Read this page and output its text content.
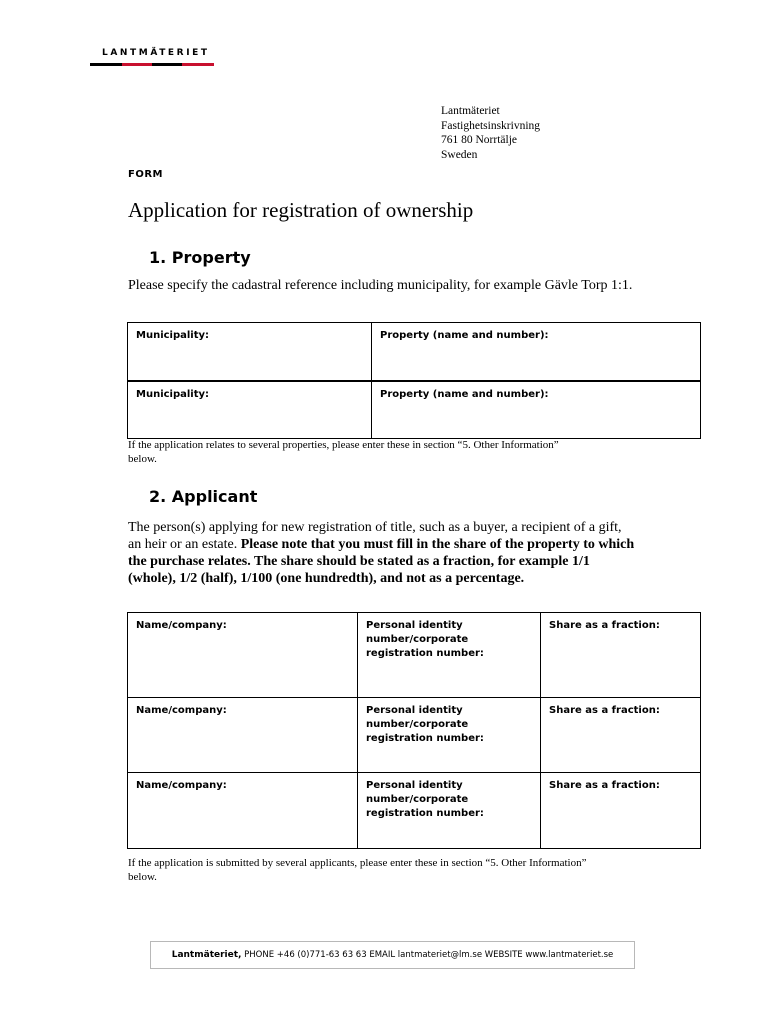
LANTMÄTERIET
Lantmäteriet
Fastighetsinskrivning
761 80 Norrtälje
Sweden
FORM
Application for registration of ownership
1. Property
Please specify the cadastral reference including municipality, for example Gävle Torp 1:1.
Municipality:	Property (name and number):

Municipality:	Property (name and number):
If the application relates to several properties, please enter these in section “5. Other Information” below.
2. Applicant
The person(s) applying for new registration of title, such as a buyer, a recipient of a gift, an heir or an estate. Please note that you must fill in the share of the property to which the purchase relates. The share should be stated as a fraction, for example 1/1 (whole), 1/2 (half), 1/100 (one hundredth), and not as a percentage.
Name/company:	Personal identity number/corporate registration number:	Share as a fraction:

Name/company:	Personal identity number/corporate registration number:	Share as a fraction:

Name/company:	Personal identity number/corporate registration number:	Share as a fraction:
If the application is submitted by several applicants, please enter these in section “5. Other Information” below.
Lantmäteriet, PHONE +46 (0)771-63 63 63 EMAIL lantmateriet@lm.se WEBSITE www.lantmateriet.se
